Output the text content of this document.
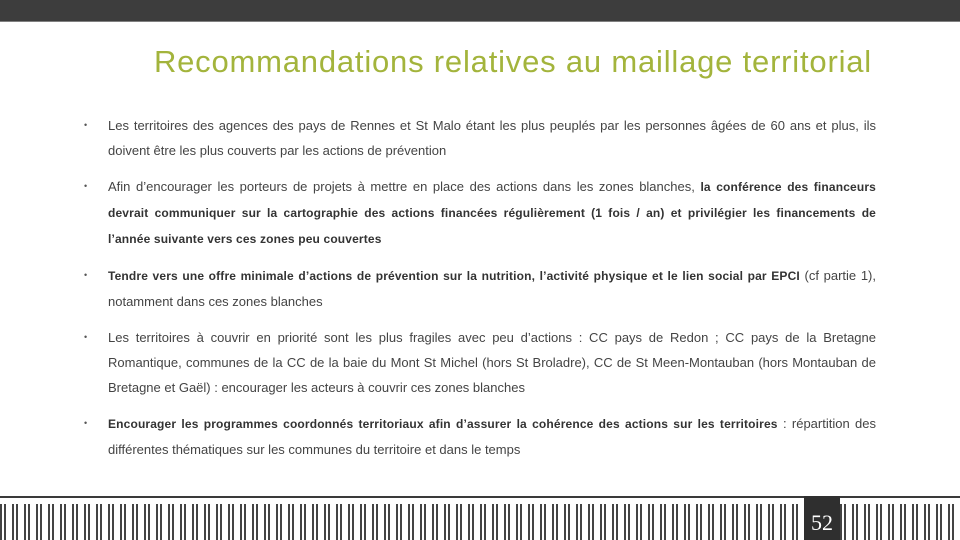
Recommandations relatives au maillage territorial
•	Les territoires des agences des pays de Rennes et St Malo étant les plus peuplés par les personnes âgées de 60 ans et plus, ils doivent être les plus couverts par les actions de prévention
•	Afin d’encourager les porteurs de projets à mettre en place des actions dans les zones blanches, la conférence des financeurs devrait communiquer sur la cartographie des actions financées régulièrement (1 fois / an) et privilégier les financements de l’année suivante vers ces zones peu couvertes
•	Tendre vers une offre minimale d’actions de prévention sur la nutrition, l’activité physique et le lien social par EPCI (cf partie 1), notamment dans ces zones blanches
•	Les territoires à couvrir en priorité sont les plus fragiles avec peu d’actions : CC pays de Redon ; CC pays de la Bretagne Romantique, communes de la CC de la baie du Mont St Michel (hors St Broladre), CC de St Meen-Montauban (hors Montauban de Bretagne et Gaël) : encourager les acteurs à couvrir ces zones blanches
•	Encourager les programmes coordonnés territoriaux afin d’assurer la cohérence des actions sur les territoires : répartition des différentes thématiques sur les communes du territoire et dans le temps
52
